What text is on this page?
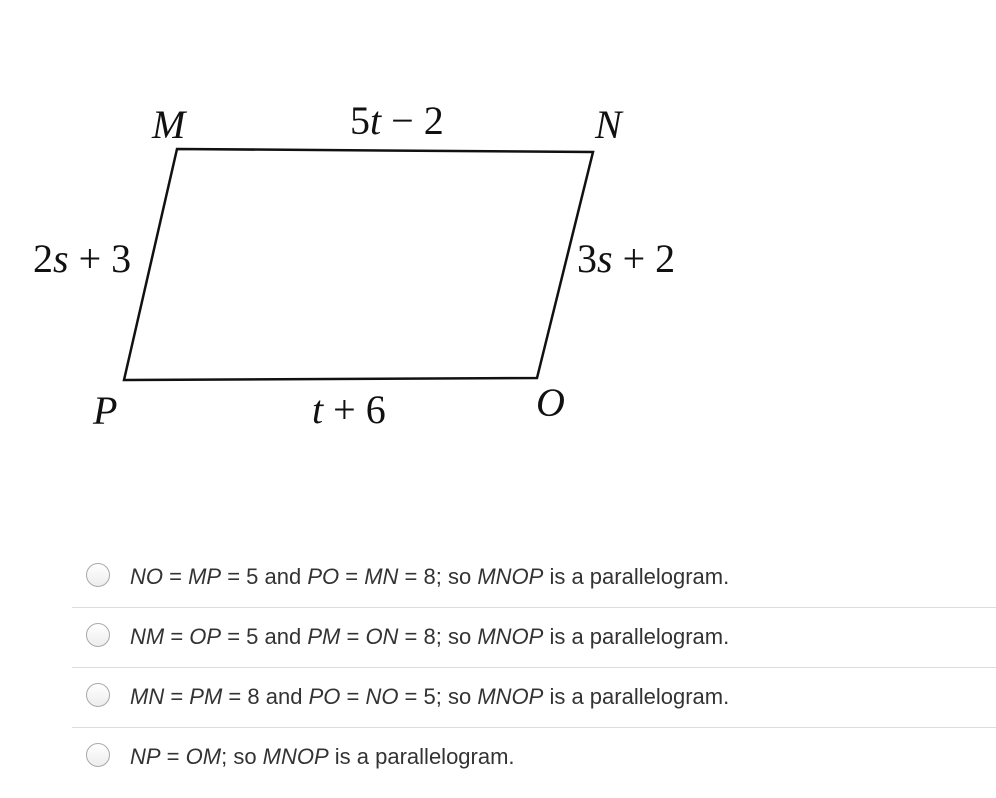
M	N
O
P
5t − 2
2s + 3	3s + 2
t + 6
NO = MP = 5 and PO = MN = 8; so MNOP is a parallelogram.
NM = OP = 5 and PM = ON = 8; so MNOP is a parallelogram.
MN = PM = 8 and PO = NO = 5; so MNOP is a parallelogram.
NP = OM; so MNOP is a parallelogram.
